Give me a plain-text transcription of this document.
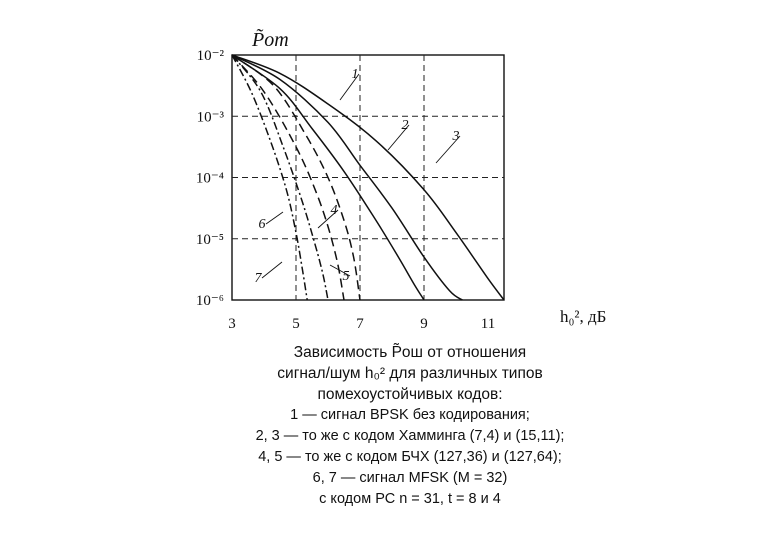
3	5	7	9	11
10⁻²
10⁻³
10⁻⁴
10⁻⁵
10⁻⁶
1
2
3
4
5
6
7
P̃от
h₀², дБ
Зависимость P̃ош от отношения
сигнал/шум h₀² для различных типов
помехоустойчивых кодов:
1 — сигнал BPSK без кодирования;
2, 3 — то же с кодом Хамминга (7,4) и (15,11);
4, 5 — то же с кодом БЧХ (127,36) и (127,64);
6, 7 — сигнал MFSK (M = 32)
с кодом РС n = 31, t = 8 и 4
